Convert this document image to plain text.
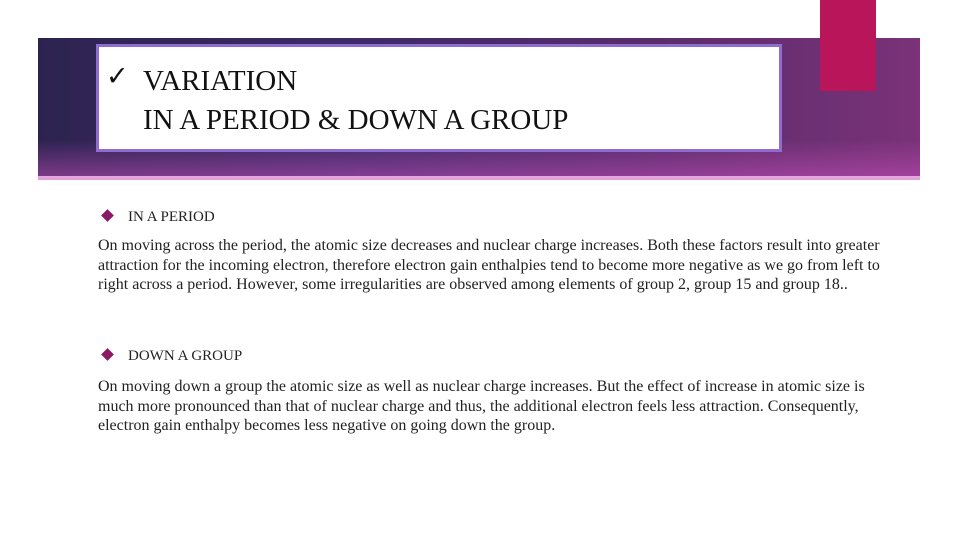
✓ VARIATION
IN A PERIOD & DOWN A GROUP
IN A PERIOD
On moving across the period, the atomic size decreases and nuclear charge increases. Both these factors result into greater attraction for the incoming electron, therefore electron gain enthalpies tend to become more negative as we go from left to right across a period. However, some irregularities are observed among elements of group 2, group 15 and group 18..
DOWN A GROUP
On moving down a group the atomic size as well as nuclear charge increases. But the effect of increase in atomic size is much more pronounced than that of nuclear charge and thus, the additional electron feels less attraction. Consequently, electron gain enthalpy becomes less negative on going down the group.
